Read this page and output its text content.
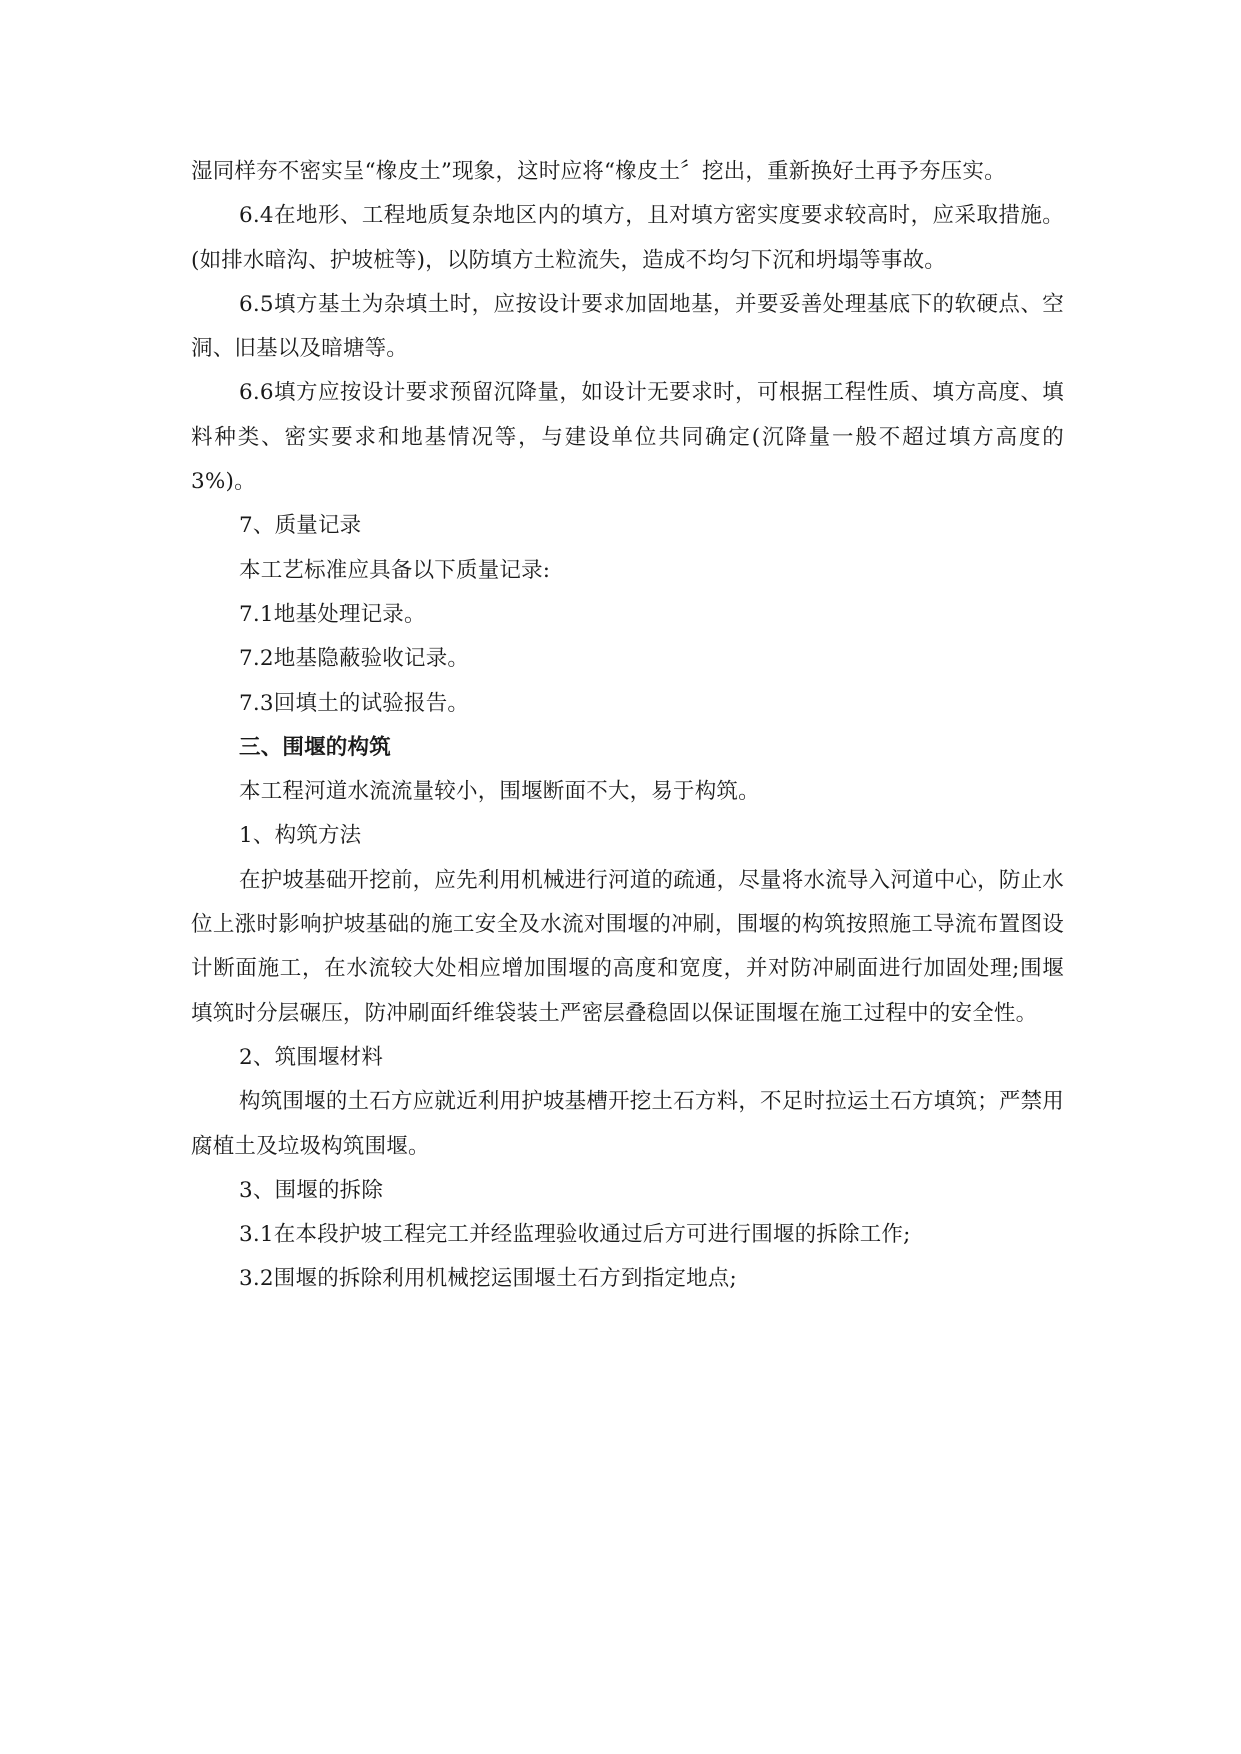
湿同样夯不密实呈“橡皮土”现象，这时应将“橡皮土〞挖出，重新换好土再予夯压实。

6.4在地形、工程地质复杂地区内的填方，且对填方密实度要求较高时，应采取措施。(如排水暗沟、护坡桩等)，以防填方土粒流失，造成不均匀下沉和坍塌等事故。

6.5填方基土为杂填土时，应按设计要求加固地基，并要妥善处理基底下的软硬点、空洞、旧基以及暗塘等。

6.6填方应按设计要求预留沉降量，如设计无要求时，可根据工程性质、填方高度、填料种类、密实要求和地基情况等，与建设单位共同确定(沉降量一般不超过填方高度的3%)。

7、质量记录

本工艺标准应具备以下质量记录:

7.1地基处理记录。

7.2地基隐蔽验收记录。

7.3回填土的试验报告。

三、围堰的构筑

本工程河道水流流量较小，围堰断面不大，易于构筑。

1、构筑方法

在护坡基础开挖前，应先利用机械进行河道的疏通，尽量将水流导入河道中心，防止水位上涨时影响护坡基础的施工安全及水流对围堰的冲刷，围堰的构筑按照施工导流布置图设计断面施工，在水流较大处相应增加围堰的高度和宽度，并对防冲刷面进行加固处理;围堰填筑时分层碾压，防冲刷面纤维袋装土严密层叠稳固以保证围堰在施工过程中的安全性。

2、筑围堰材料

构筑围堰的土石方应就近利用护坡基槽开挖土石方料，不足时拉运土石方填筑；严禁用腐植土及垃圾构筑围堰。

3、围堰的拆除

3.1在本段护坡工程完工并经监理验收通过后方可进行围堰的拆除工作;

3.2围堰的拆除利用机械挖运围堰土石方到指定地点;
